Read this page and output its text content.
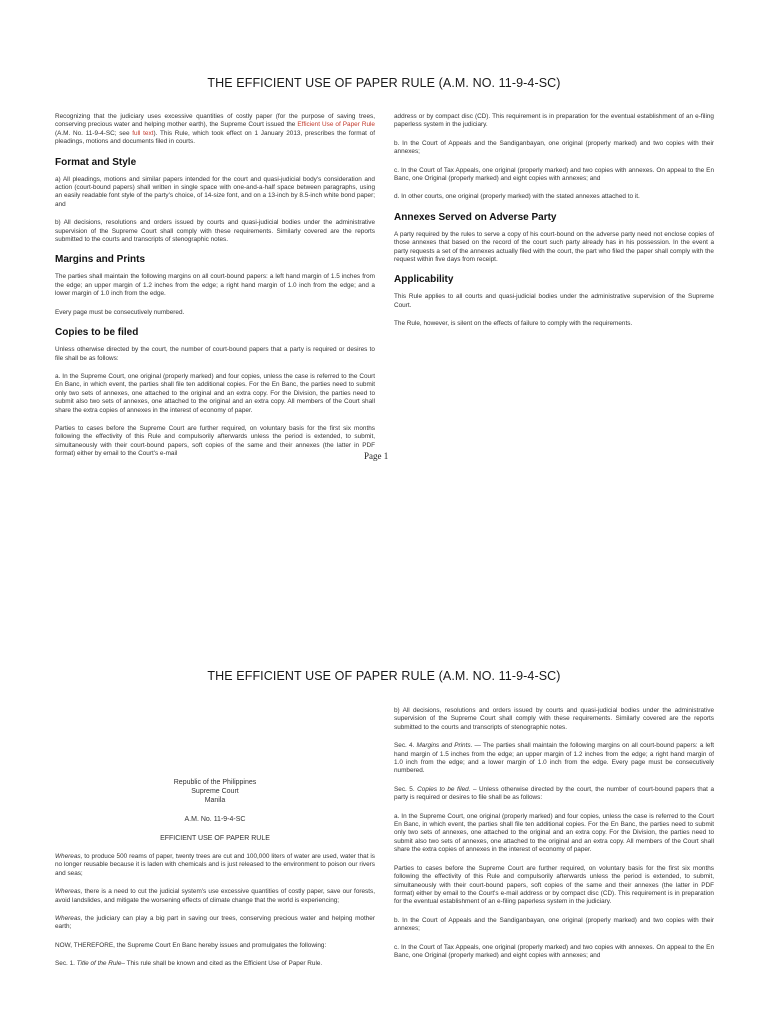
THE EFFICIENT USE OF PAPER RULE (A.M. NO. 11-9-4-SC)

Recognizing that the judiciary uses excessive quantities of costly paper (for the purpose of saving trees, conserving precious water and helping mother earth), the Supreme Court issued the Efficient Use of Paper Rule (A.M. No. 11-9-4-SC; see full text). This Rule, which took effect on 1 January 2013, prescribes the format of pleadings, motions and documents filed in courts.

Format and Style

a) All pleadings, motions and similar papers intended for the court and quasi-judicial body's consideration and action (court-bound papers) shall written in single space with one-and-a-half space between paragraphs, using an easily readable font style of the party's choice, of 14-size font, and on a 13-inch by 8.5-inch white bond paper; and

b) All decisions, resolutions and orders issued by courts and quasi-judicial bodies under the administrative supervision of the Supreme Court shall comply with these requirements. Similarly covered are the reports submitted to the courts and transcripts of stenographic notes.

Margins and Prints

The parties shall maintain the following margins on all court-bound papers: a left hand margin of 1.5 inches from the edge; an upper margin of 1.2 inches from the edge; a right hand margin of 1.0 inch from the edge; and a lower margin of 1.0 inch from the edge.

Every page must be consecutively numbered.

Copies to be filed

Unless otherwise directed by the court, the number of court-bound papers that a party is required or desires to file shall be as follows:

a. In the Supreme Court, one original (properly marked) and four copies, unless the case is referred to the Court En Banc, in which event, the parties shall file ten additional copies. For the En Banc, the parties need to submit only two sets of annexes, one attached to the original and an extra copy. For the Division, the parties need to submit also two sets of annexes, one attached to the original and an extra copy. All members of the Court shall share the extra copies of annexes in the interest of economy of paper.

Parties to cases before the Supreme Court are further required, on voluntary basis for the first six months following the effectivity of this Rule and compulsorily afterwards unless the period is extended, to submit, simultaneously with their court-bound papers, soft copies of the same and their annexes (the latter in PDF format) either by email to the Court's e-mail	Page 1

address or by compact disc (CD). This requirement is in preparation for the eventual establishment of an e-filing paperless system in the judiciary.

b. In the Court of Appeals and the Sandiganbayan, one original (properly marked) and two copies with their annexes;

c. In the Court of Tax Appeals, one original (properly marked) and two copies with annexes. On appeal to the En Banc, one Original (properly marked) and eight copies with annexes; and

d. In other courts, one original (properly marked) with the stated annexes attached to it.

Annexes Served on Adverse Party

A party required by the rules to serve a copy of his court-bound on the adverse party need not enclose copies of those annexes that based on the record of the court such party already has in his possession. In the event a party requests a set of the annexes actually filed with the court, the part who filed the paper shall comply with the request within five days from receipt.

Applicability

This Rule applies to all courts and quasi-judicial bodies under the administrative supervision of the Supreme Court.

The Rule, however, is silent on the effects of failure to comply with the requirements.

THE EFFICIENT USE OF PAPER RULE (A.M. NO. 11-9-4-SC)

Republic of the Philippines

Supreme Court

Manila

A.M. No. 11-9-4-SC

EFFICIENT USE OF PAPER RULE

Whereas, to produce 500 reams of paper, twenty trees are cut and 100,000 liters of water are used, water that is no longer reusable because it is laden with chemicals and is just released to the environment to poison our rivers and seas;

Whereas, there is a need to cut the judicial system's use excessive quantities of costly paper, save our forests, avoid landslides, and mitigate the worsening effects of climate change that the world is experiencing;

Whereas, the judiciary can play a big part in saving our trees, conserving precious water and helping mother earth;

NOW, THEREFORE, the Supreme Court En Banc hereby issues and promulgates the following:

Sec. 1. Title of the Rule– This rule shall be known and cited as the Efficient Use of Paper Rule.

b) All decisions, resolutions and orders issued by courts and quasi-judicial bodies under the administrative supervision of the Supreme Court shall comply with these requirements. Similarly covered are the reports submitted to the courts and transcripts of stenographic notes.

Sec. 4. Margins and Prints. — The parties shall maintain the following margins on all court-bound papers: a left hand margin of 1.5 inches from the edge; an upper margin of 1.2 inches from the edge; a right hand margin of 1.0 inch from the edge; and a lower margin of 1.0 inch from the edge. Every page must be consecutively numbered.

Sec. 5. Copies to be filed. – Unless otherwise directed by the court, the number of court-bound papers that a party is required or desires to file shall be as follows:

a. In the Supreme Court, one original (properly marked) and four copies, unless the case is referred to the Court En Banc, in which event, the parties shall file ten additional copies. For the En Banc, the parties need to submit only two sets of annexes, one attached to the original and an extra copy. For the Division, the parties need to submit also two sets of annexes, one attached to the original and an extra copy. All members of the Court shall share the extra copies of annexes in the interest of economy of paper.

Parties to cases before the Supreme Court are further required, on voluntary basis for the first six months following the effectivity of this Rule and compulsorily afterwards unless the period is extended, to submit, simultaneously with their court-bound papers, soft copies of the same and their annexes (the latter in PDF format) either by email to the Court's e-mail address or by compact disc (CD). This requirement is in preparation for the eventual establishment of an e-filing paperless system in the judiciary.

b. In the Court of Appeals and the Sandiganbayan, one original (properly marked) and two copies with their annexes;

c. In the Court of Tax Appeals, one original (properly marked) and two copies with annexes. On appeal to the En Banc, one Original (properly marked) and eight copies with annexes; and
